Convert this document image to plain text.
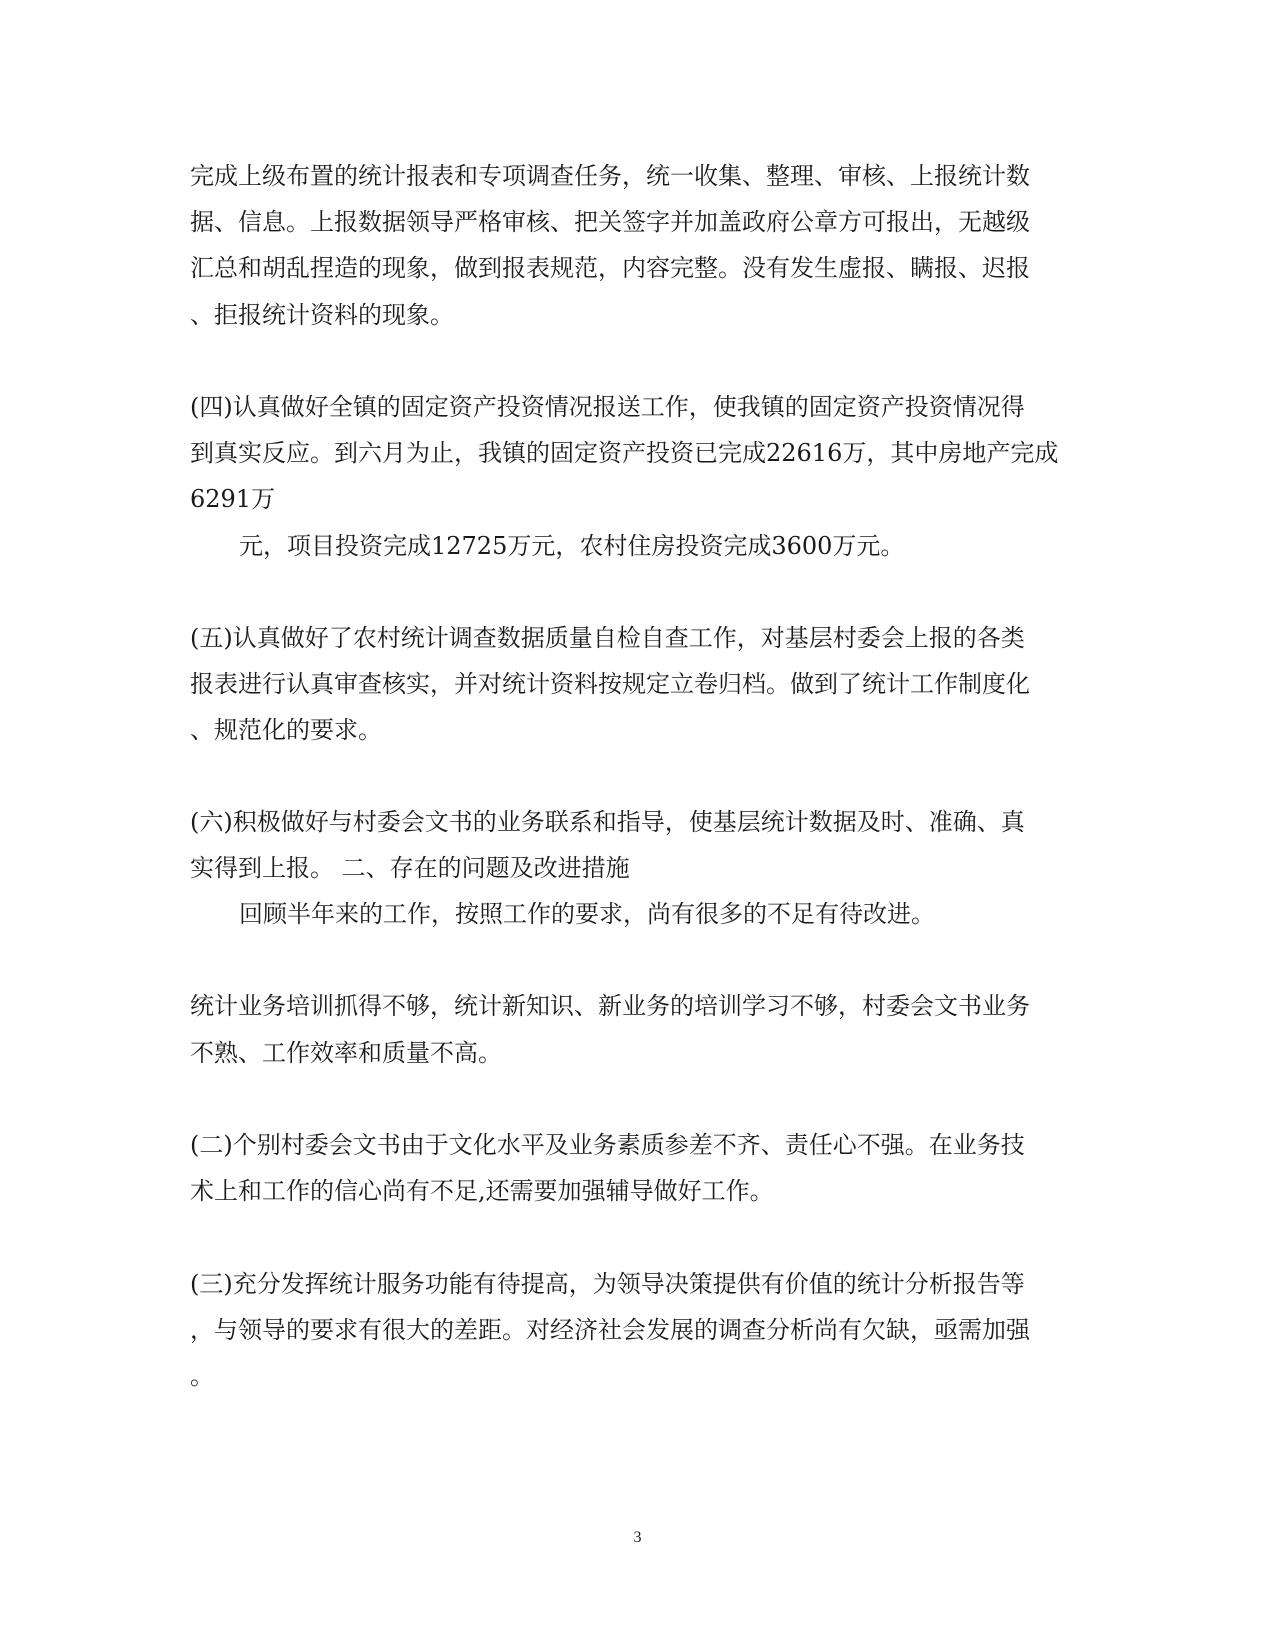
完成上级布置的统计报表和专项调查任务，统一收集、整理、审核、上报统计数

据、信息。上报数据领导严格审核、把关签字并加盖政府公章方可报出，无越级

汇总和胡乱捏造的现象，做到报表规范，内容完整。没有发生虚报、瞒报、迟报

、拒报统计资料的现象。

(四)认真做好全镇的固定资产投资情况报送工作，使我镇的固定资产投资情况得

到真实反应。到六月为止，我镇的固定资产投资已完成22616万，其中房地产完成

6291万

元，项目投资完成12725万元，农村住房投资完成3600万元。

(五)认真做好了农村统计调查数据质量自检自查工作，对基层村委会上报的各类

报表进行认真审查核实，并对统计资料按规定立卷归档。做到了统计工作制度化

、规范化的要求。

(六)积极做好与村委会文书的业务联系和指导，使基层统计数据及时、准确、真

实得到上报。 二、存在的问题及改进措施

回顾半年来的工作，按照工作的要求，尚有很多的不足有待改进。

统计业务培训抓得不够，统计新知识、新业务的培训学习不够，村委会文书业务

不熟、工作效率和质量不高。

(二)个别村委会文书由于文化水平及业务素质参差不齐、责任心不强。在业务技

术上和工作的信心尚有不足,还需要加强辅导做好工作。

(三)充分发挥统计服务功能有待提高，为领导决策提供有价值的统计分析报告等

，与领导的要求有很大的差距。对经济社会发展的调查分析尚有欠缺，亟需加强

。

3
